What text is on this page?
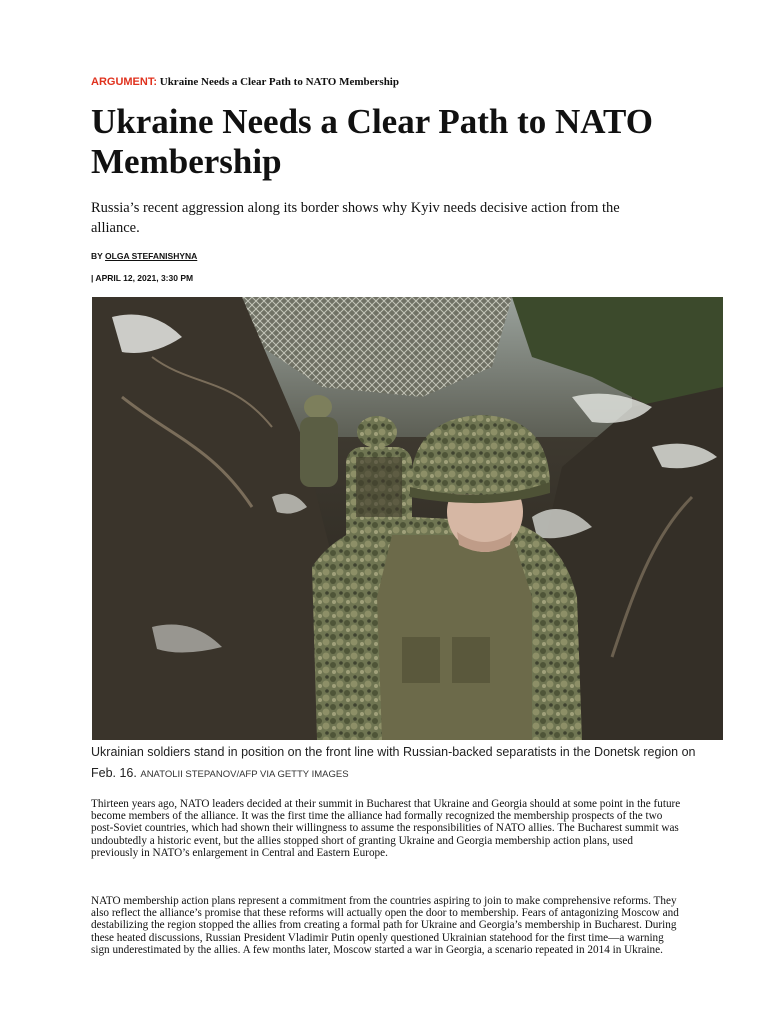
ARGUMENT: Ukraine Needs a Clear Path to NATO Membership
Ukraine Needs a Clear Path to NATO Membership

Russia’s recent aggression along its border shows why Kyiv needs decisive action from the alliance.

BY OLGA STEFANISHYNA
| APRIL 12, 2021, 3:30 PM

Ukrainian soldiers stand in position on the front line with Russian-backed separatists in the Donetsk region on Feb. 16. ANATOLII STEPANOV/AFP VIA GETTY IMAGES

Thirteen years ago, NATO leaders decided at their summit in Bucharest that Ukraine and Georgia should at some point in the future become members of the alliance. It was the first time the alliance had formally recognized the membership prospects of the two post-Soviet countries, which had shown their willingness to assume the responsibilities of NATO allies. The Bucharest summit was undoubtedly a historic event, but the allies stopped short of granting Ukraine and Georgia membership action plans, used previously in NATO’s enlargement in Central and Eastern Europe.

NATO membership action plans represent a commitment from the countries aspiring to join to make comprehensive reforms. They also reflect the alliance’s promise that these reforms will actually open the door to membership. Fears of antagonizing Moscow and destabilizing the region stopped the allies from creating a formal path for Ukraine and Georgia’s membership in Bucharest. During these heated discussions, Russian President Vladimir Putin openly questioned Ukrainian statehood for the first time—a warning sign underestimated by the allies. A few months later, Moscow started a war in Georgia, a scenario repeated in 2014 in Ukraine.
